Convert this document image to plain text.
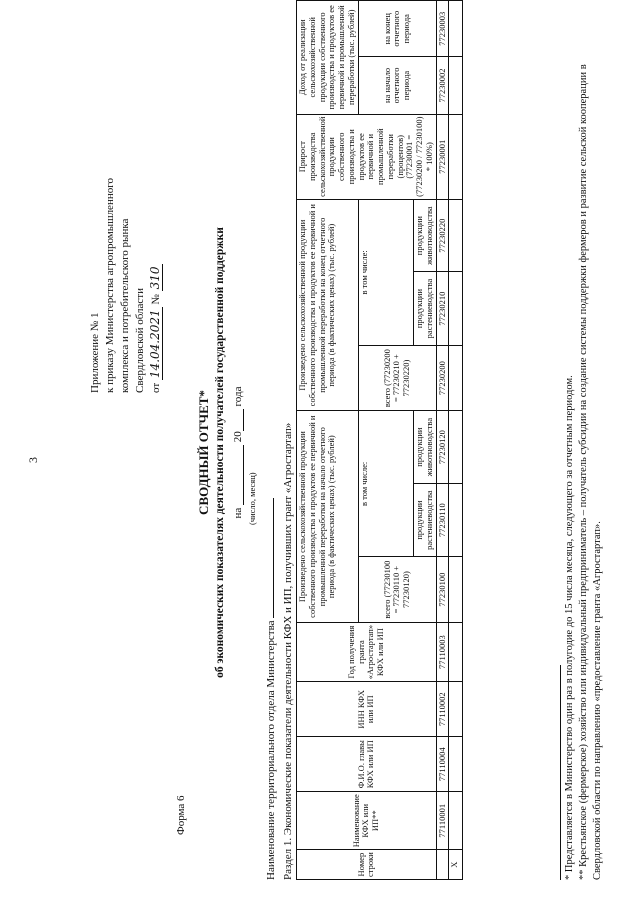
3
Приложение № 1 к приказу Министерства агропромышленного комплекса и потребительского рынка Свердловской области от 14.04.2021 № 310
Форма 6
СВОДНЫЙ ОТЧЕТ* об экономических показателях деятельности получателей государственной поддержки на  20 года
(число, месяц)
Наименование территориального отдела Министерства Раздел 1. Экономические показатели деятельности КФХ и ИП, получивших грант «Агростартап»	Номер строки	Наименование КФХ или ИП**	Ф.И.О. главы КФХ или ИП	ИНН КФХ или ИП	Год получения гранта «Агростартап» КФХ или ИП	Произведено сельскохозяйственной продукции собственного производства и продуктов ее первичной и промышленной переработки на начало отчетного периода (в фактических ценах) (тыс. рублей)			Произведено сельскохозяйственной продукции собственного производства и продуктов ее первичной и промышленной переработки на конец отчетного периода (в фактических ценах) (тыс. рублей)			Прирост производства сельскохозяйственной продукции собственного производства и продуктов ее первичной и промышленной переработки (процентов) (77230001 = (77230200 / 77230100) * 100%)	Доход от реализации сельскохозяйственной продукции собственного производства и продуктов ее первичной и промышленной переработки (тыс. рублей)	
					всего (77230100 = 77230110 + 77230120)	в том числе:		всего (77230200 = 77230210 + 77230220)	в том числе:			на начало отчетного периода	на конец отчетного периода
						продукции растениеводства	продукции животноводства		продукции растениеводства	продукции животноводства			
	77110001	77110004	77110002	77110003	77230100	77230110	77230120	77230200	77230210	77230220	77230001	77230002	77230003
Х														* Представляется в Министерство один раз в полугодие до 15 числа месяца, следующего за отчетным периодом. ** Крестьянское (фермерское) хозяйство или индивидуальный предприниматель – получатель субсидии на создание системы поддержки фермеров и развитие сельской кооперации в Свердловской области по направлению «предоставление гранта «Агростартап».
